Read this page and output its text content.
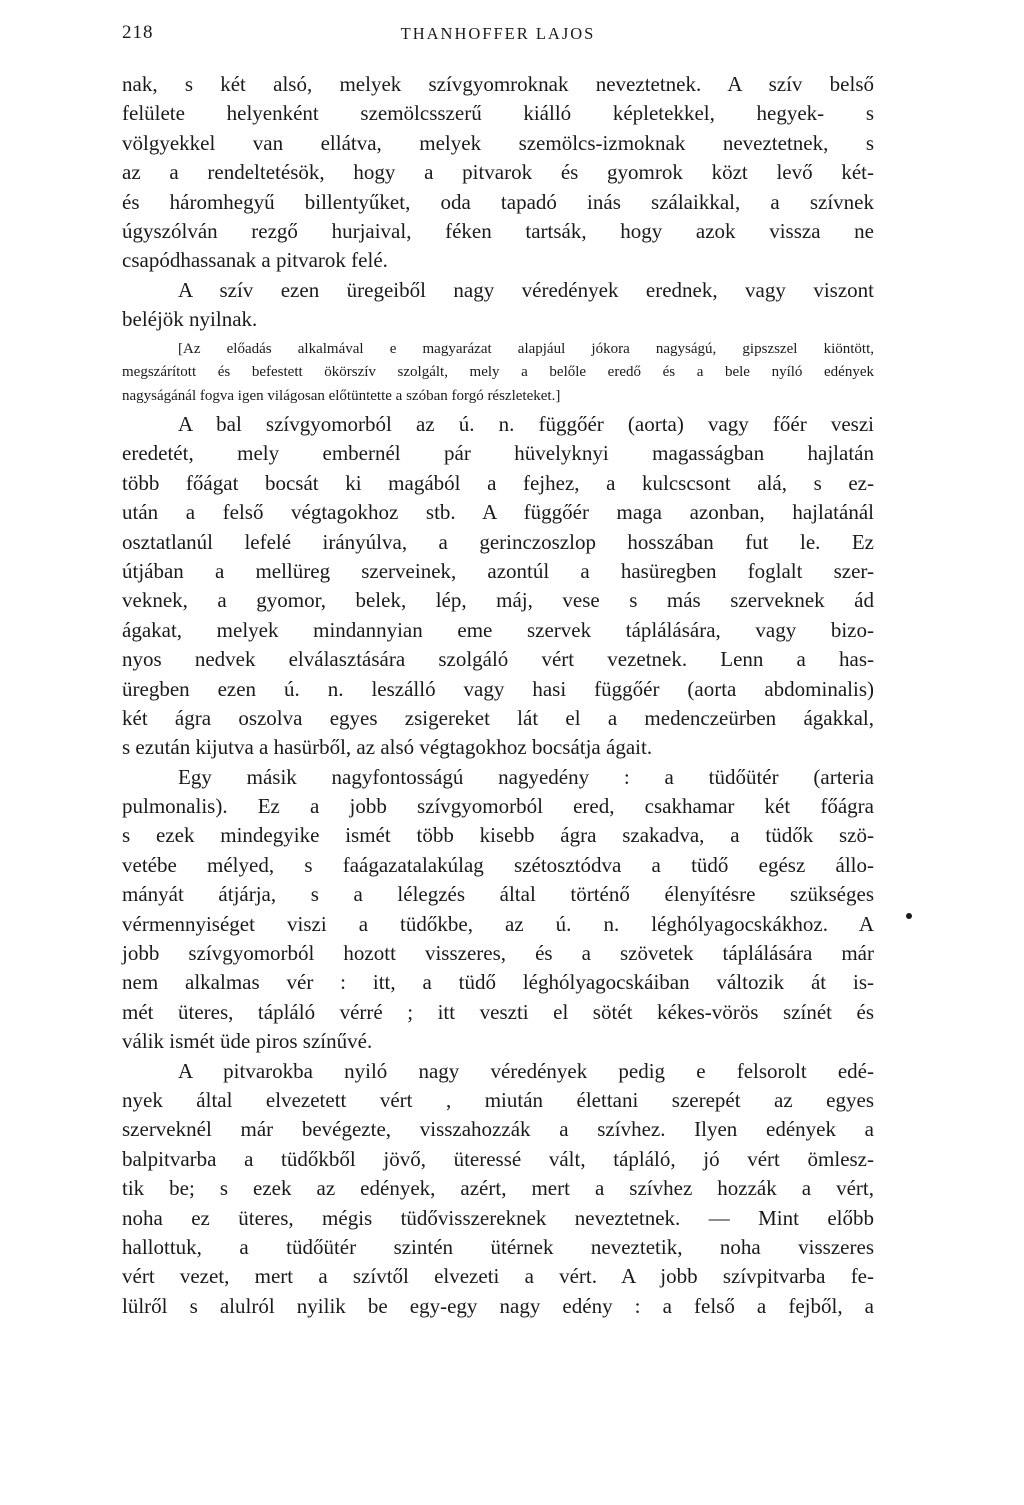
218	THANHOFFER LAJOS
nak, s két alsó, melyek szívgyomroknak neveztetnek. A szív belső
felülete helyenként szemölcsszerű kiálló képletekkel, hegyek- s
völgyekkel van ellátva, melyek szemölcs-izmoknak neveztetnek, s
az a rendeltetésök, hogy a pitvarok és gyomrok közt levő két-
és háromhegyű billentyűket, oda tapadó inás szálaikkal, a szívnek
úgyszólván rezgő hurjaival, féken tartsák, hogy azok vissza ne
csapódhassanak a pitvarok felé.
A szív ezen üregeiből nagy véredények erednek, vagy viszont
beléjök nyilnak.
[Az előadás alkalmával e magyarázat alapjául jókora nagyságú, gipszszel kiöntött,
megszárított és befestett ökörszív szolgált, mely a belőle eredő és a bele nyíló edények
nagyságánál fogva igen világosan előtüntette a szóban forgó részleteket.]
A bal szívgyomorból az ú. n. függőér (aorta) vagy főér veszi
eredetét, mely embernél pár hüvelyknyi magasságban hajlatán
több főágat bocsát ki magából a fejhez, a kulcscsont alá, s ez-
után a felső végtagokhoz stb. A függőér maga azonban, hajlatánál
osztatlanúl lefelé irányúlva, a gerinczoszlop hosszában fut le. Ez
útjában a mellüreg szerveinek, azontúl a hasüregben foglalt szer-
veknek, a gyomor, belek, lép, máj, vese s más szerveknek ád
ágakat, melyek mindannyian eme szervek táplálására, vagy bizo-
nyos nedvek elválasztására szolgáló vért vezetnek. Lenn a has-
üregben ezen ú. n. leszálló vagy hasi függőér (aorta abdominalis)
két ágra oszolva egyes zsigereket lát el a medenczeürben ágakkal,
s ezután kijutva a hasürből, az alsó végtagokhoz bocsátja ágait.
Egy másik nagyfontosságú nagyedény : a tüdőütér (arteria
pulmonalis). Ez a jobb szívgyomorból ered, csakhamar két főágra
s ezek mindegyike ismét több kisebb ágra szakadva, a tüdők szö-
vetébe mélyed, s faágazatalakúlag szétosztódva a tüdő egész állo-
mányát átjárja, s a lélegzés által történő élenyítésre szükséges
vérmennyiséget viszi a tüdőkbe, az ú. n. léghólyagocskákhoz. A
jobb szívgyomorból hozott visszeres, és a szövetek táplálására már
nem alkalmas vér : itt, a tüdő léghólyagocskáiban változik át is-
mét üteres, tápláló vérré ; itt veszti el sötét kékes-vörös színét és
válik ismét üde piros színűvé.
A pitvarokba nyiló nagy véredények pedig e felsorolt edé-
nyek által elvezetett vért , miután élettani szerepét az egyes
szerveknél már bevégezte, visszahozzák a szívhez. Ilyen edények a
balpitvarba a tüdőkből jövő, üteressé vált, tápláló, jó vért ömlesz-
tik be; s ezek az edények, azért, mert a szívhez hozzák a vért,
noha ez üteres, mégis tüdővisszereknek neveztetnek. — Mint előbb
hallottuk, a tüdőütér szintén ütérnek neveztetik, noha visszeres
vért vezet, mert a szívtől elvezeti a vért. A jobb szívpitvarba fe-
lülről s alulról nyilik be egy-egy nagy edény : a felső a fejből, a
